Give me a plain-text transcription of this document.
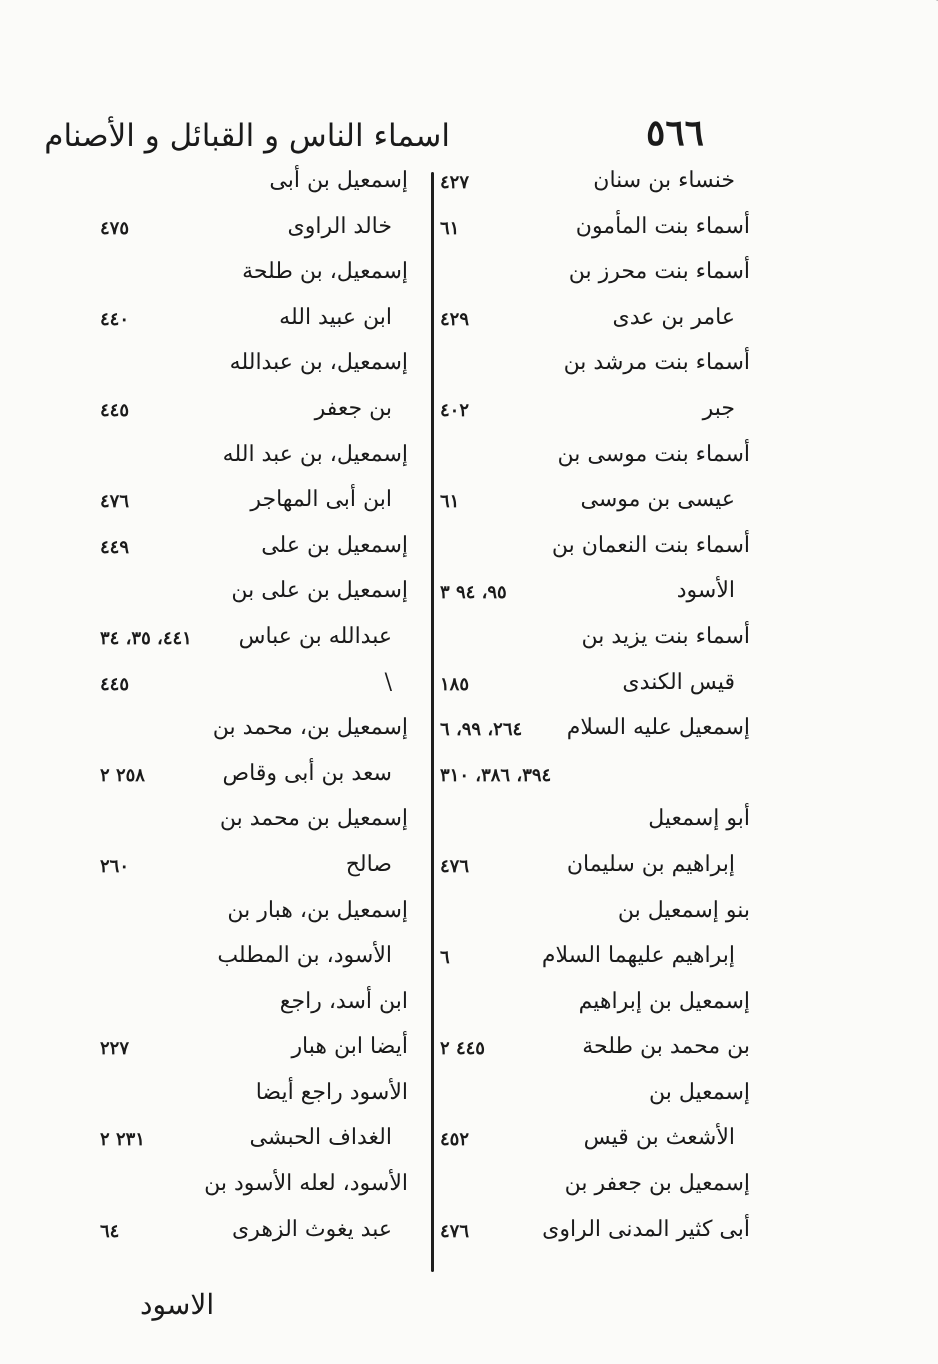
٥٦٦
اسماء الناس و القبائل و الأصنام
خنساء بن سنان
٤٢٧
أسماء بنت المأمون
٦١
أسماء بنت محرز بن
عامر بن عدى
٤٢٩
أسماء بنت مرشد بن
جبر
٤٠٢
أسماء بنت موسى بن
عيسى بن موسى
٦١
أسماء بنت النعمان بن
الأسود
٩٥، ٩٤ ٣
أسماء بنت يزيد بن
قيس الكندى
١٨٥
إسمعيل عليه السلام
٢٦٤، ٩٩، ٦
٣٩٤، ٣٨٦، ٣١٠
أبو إسمعيل
إبراهيم بن سليمان
٤٧٦
بنو إسمعيل بن
إبراهيم عليهما السلام
٦
إسمعيل بن إبراهيم
بن محمد بن طلحة
٤٤٥ ٢
إسمعيل بن
الأشعث بن قيس
٤٥٢
إسمعيل بن جعفر بن
أبى كثير المدنى الراوى
٤٧٦
إسمعيل بن أبى
خالد الراوى
٤٧٥
إسمعيل، بن طلحة
ابن عبيد الله
٤٤٠
إسمعيل، بن عبدالله
بن جعفر
٤٤٥
إسمعيل، بن عبد الله
ابن أبى المهاجر
٤٧٦
إسمعيل بن على
٤٤٩
إسمعيل بن على بن
عبدالله بن عباس
٤٤١، ٣٥، ٣٤
\
٤٤٥
إسمعيل بن، محمد بن
سعد بن أبى وقاص
٢٥٨ ٢
إسمعيل بن محمد بن
صالح
٢٦٠
إسمعيل بن، هبار بن
الأسود، بن المطلب
ابن أسد، راجع
أيضا ابن هبار
٢٢٧
الأسود راجع أيضا
الغداف الحبشى
٢٣١ ٢
الأسود، لعله الأسود بن
عبد يغوث الزهرى
٦٤
الاسود
